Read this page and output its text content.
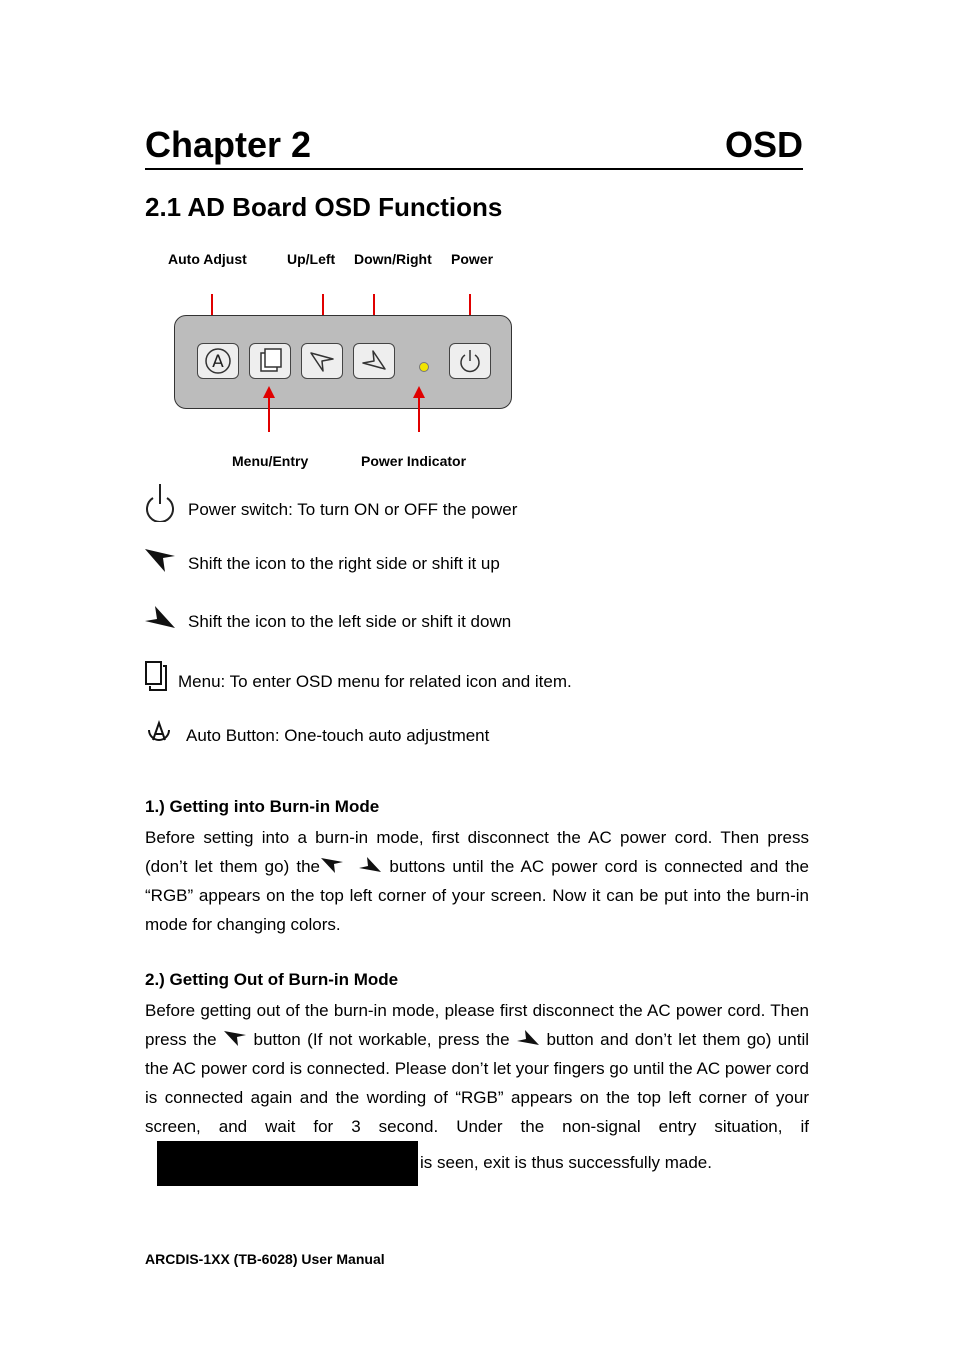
Chapter 2	OSD
2.1 AD Board OSD Functions
Auto Adjust	Up/Left Down/Right Power
A
Menu/Entry	Power Indicator
Power switch: To turn ON or OFF the power
Shift the icon to the right side or shift it up
Shift the icon to the left side or shift it down
Menu: To enter OSD menu for related icon and item.
Auto Button: One-touch auto adjustment
1.) Getting into Burn-in Mode
Before setting into a burn-in mode, first disconnect the AC power cord. Then press (don’t let them go) the	buttons until the AC power cord is connected and the “RGB” appears on the top left corner of your screen. Now it can be put into the burn-in mode for changing colors.
2.) Getting Out of Burn-in Mode
Before getting out of the burn-in mode, please first disconnect the AC power cord. Then press the  button (If not workable, press the  button and don’t let them go) until the AC power cord is connected. Please don’t let your fingers go until the AC power cord is connected again and the wording of “RGB” appears on the top left corner of your screen, and wait for 3 second. Under the non-signal entry situation, ifis seen, exit is thus successfully made.
ARCDIS-1XX (TB-6028) User Manual
